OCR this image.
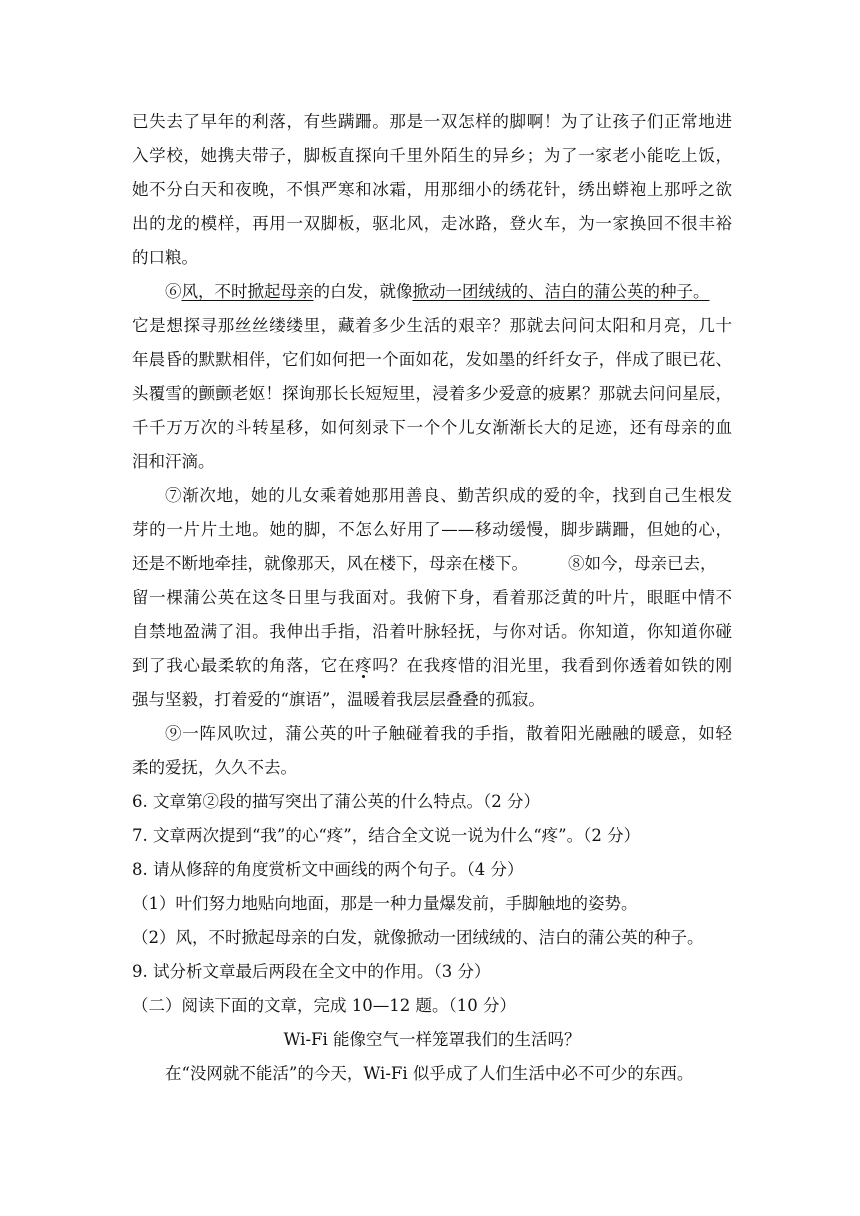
已失去了早年的利落，有些蹒跚。那是一双怎样的脚啊！为了让孩子们正常地进
入学校，她携夫带子，脚板直探向千里外陌生的异乡；为了一家老小能吃上饭，
她不分白天和夜晚，不惧严寒和冰霜，用那细小的绣花针，绣出蟒袍上那呼之欲
出的龙的模样，再用一双脚板，驱北风，走冰路，登火车，为一家换回不很丰裕
的口粮。
⑥风，不时掀起母亲的白发，就像掀动一团绒绒的、洁白的蒲公英的种子。
它是想探寻那丝丝缕缕里，藏着多少生活的艰辛？那就去问问太阳和月亮，几十
年晨昏的默默相伴，它们如何把一个面如花，发如墨的纤纤女子，伴成了眼已花、
头覆雪的颤颤老妪！探询那长长短短里，浸着多少爱意的疲累？那就去问问星辰，
千千万万次的斗转星移，如何刻录下一个个儿女渐渐长大的足迹，还有母亲的血
泪和汗滴。
⑦渐次地，她的儿女乘着她那用善良、勤苦织成的爱的伞，找到自己生根发
芽的一片片土地。她的脚，不怎么好用了——移动缓慢，脚步蹒跚，但她的心，
还是不断地牵挂，就像那天，风在楼下，母亲在楼下。 ⑧如今，母亲已去，
留一棵蒲公英在这冬日里与我面对。我俯下身，看着那泛黄的叶片，眼眶中情不
自禁地盈满了泪。我伸出手指，沿着叶脉轻抚，与你对话。你知道，你知道你碰
到了我心最柔软的角落，它在疼吗？在我疼惜的泪光里，我看到你透着如铁的刚
强与坚毅，打着爱的“旗语”，温暖着我层层叠叠的孤寂。
⑨一阵风吹过，蒲公英的叶子触碰着我的手指，散着阳光融融的暖意，如轻
柔的爱抚，久久不去。
6. 文章第②段的描写突出了蒲公英的什么特点。（2 分）
7. 文章两次提到“我”的心“疼”，结合全文说一说为什么“疼”。（2 分）
8. 请从修辞的角度赏析文中画线的两个句子。（4 分）
（1）叶们努力地贴向地面，那是一种力量爆发前，手脚触地的姿势。
（2）风，不时掀起母亲的白发，就像掀动一团绒绒的、洁白的蒲公英的种子。
9. 试分析文章最后两段在全文中的作用。（3 分）
（二）阅读下面的文章，完成 10—12 题。（10 分）
Wi-Fi 能像空气一样笼罩我们的生活吗？
在“没网就不能活”的今天，Wi-Fi 似乎成了人们生活中必不可少的东西。
